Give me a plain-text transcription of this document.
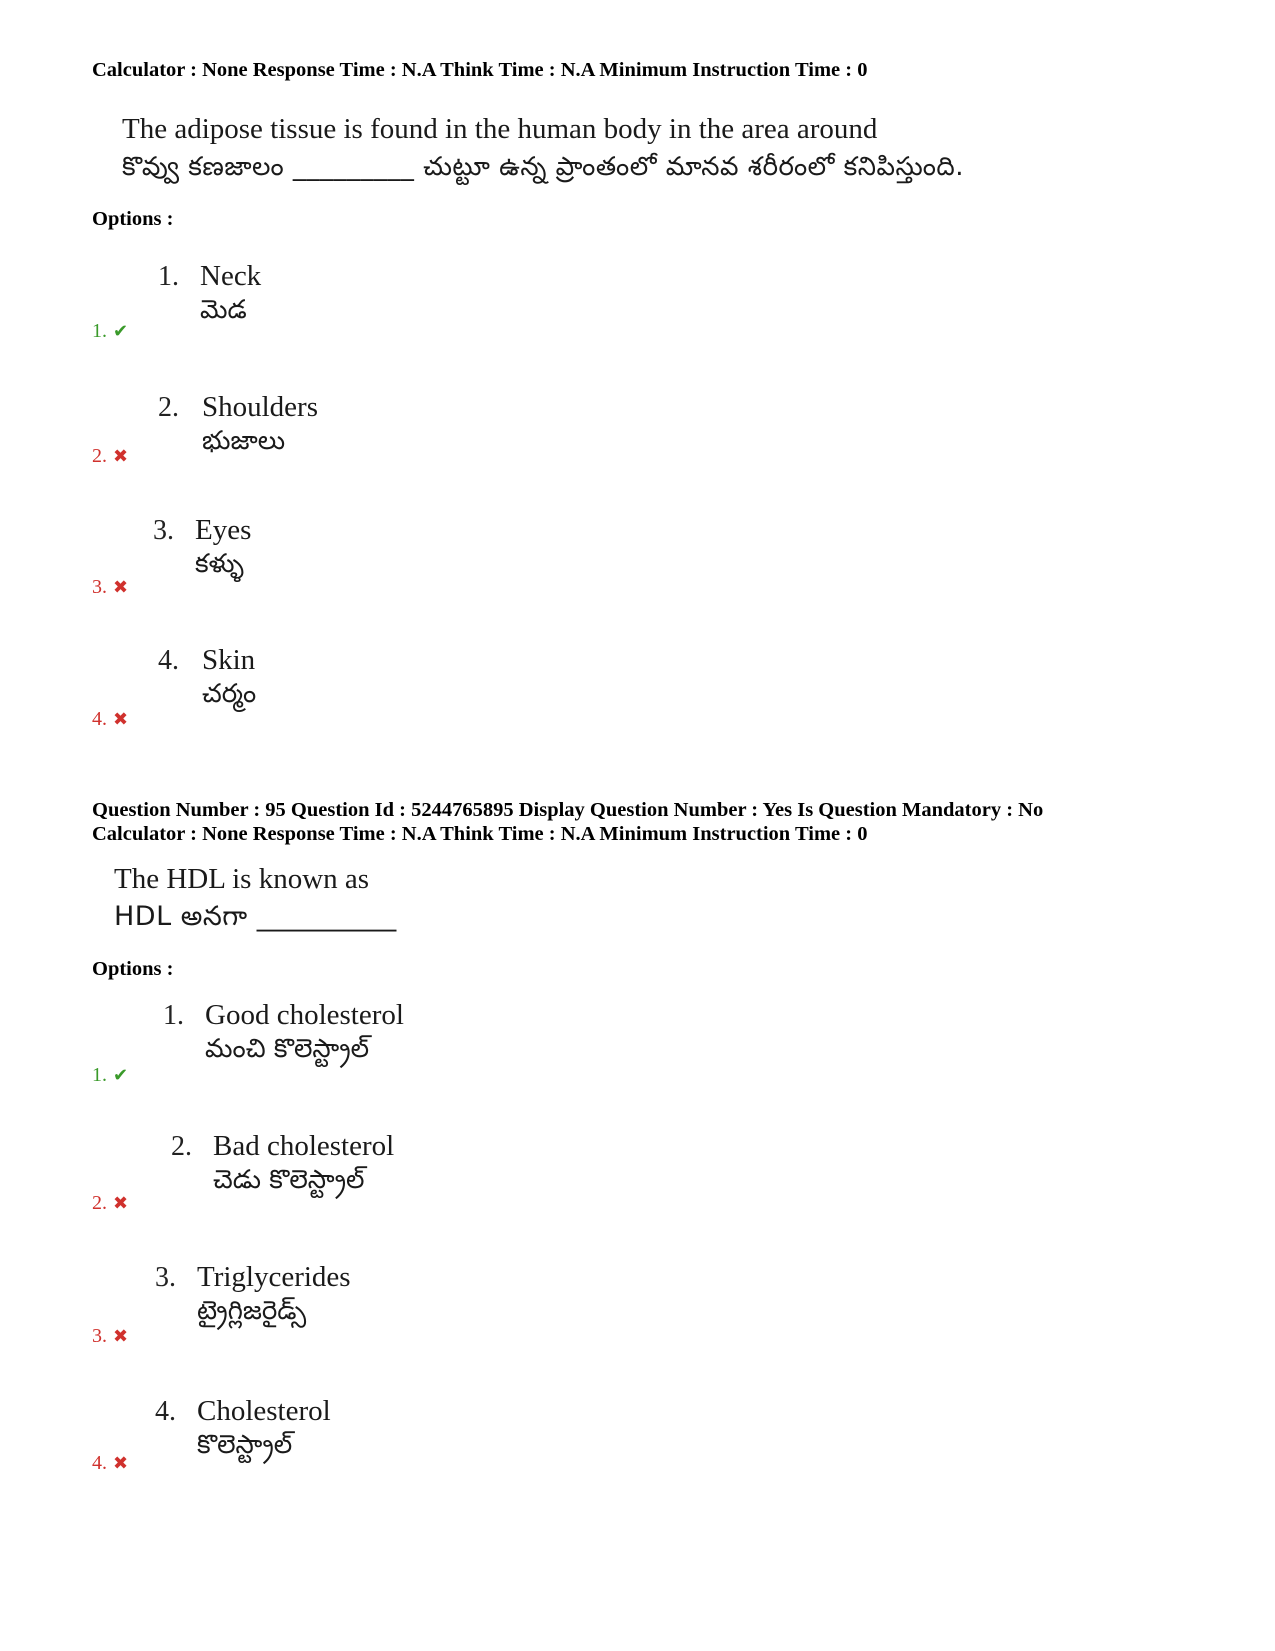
Calculator : None Response Time : N.A Think Time : N.A Minimum Instruction Time : 0
The adipose tissue is found in the human body in the area around
కొవ్వు కణజాలం _________ చుట్టూ ఉన్న ప్రాంతంలో మానవ శరీరంలో కనిపిస్తుంది.
Options :
1. Neck
మెడ
1. ✔
2. Shoulders
భుజాలు
2. ✖
3. Eyes
కళ్ళు
3. ✖
4. Skin
చర్మం
4. ✖
Question Number : 95 Question Id : 5244765895 Display Question Number : Yes Is Question Mandatory : No
Calculator : None Response Time : N.A Think Time : N.A Minimum Instruction Time : 0
The HDL is known as
HDL అనగా __________
Options :
1. Good cholesterol
మంచి కొలెస్ట్రాల్
1. ✔
2. Bad cholesterol
చెడు కొలెస్ట్రాల్
2. ✖
3. Triglycerides
ట్రైగ్లిజరైడ్స్
3. ✖
4. Cholesterol
కొలెస్ట్రాల్
4. ✖
